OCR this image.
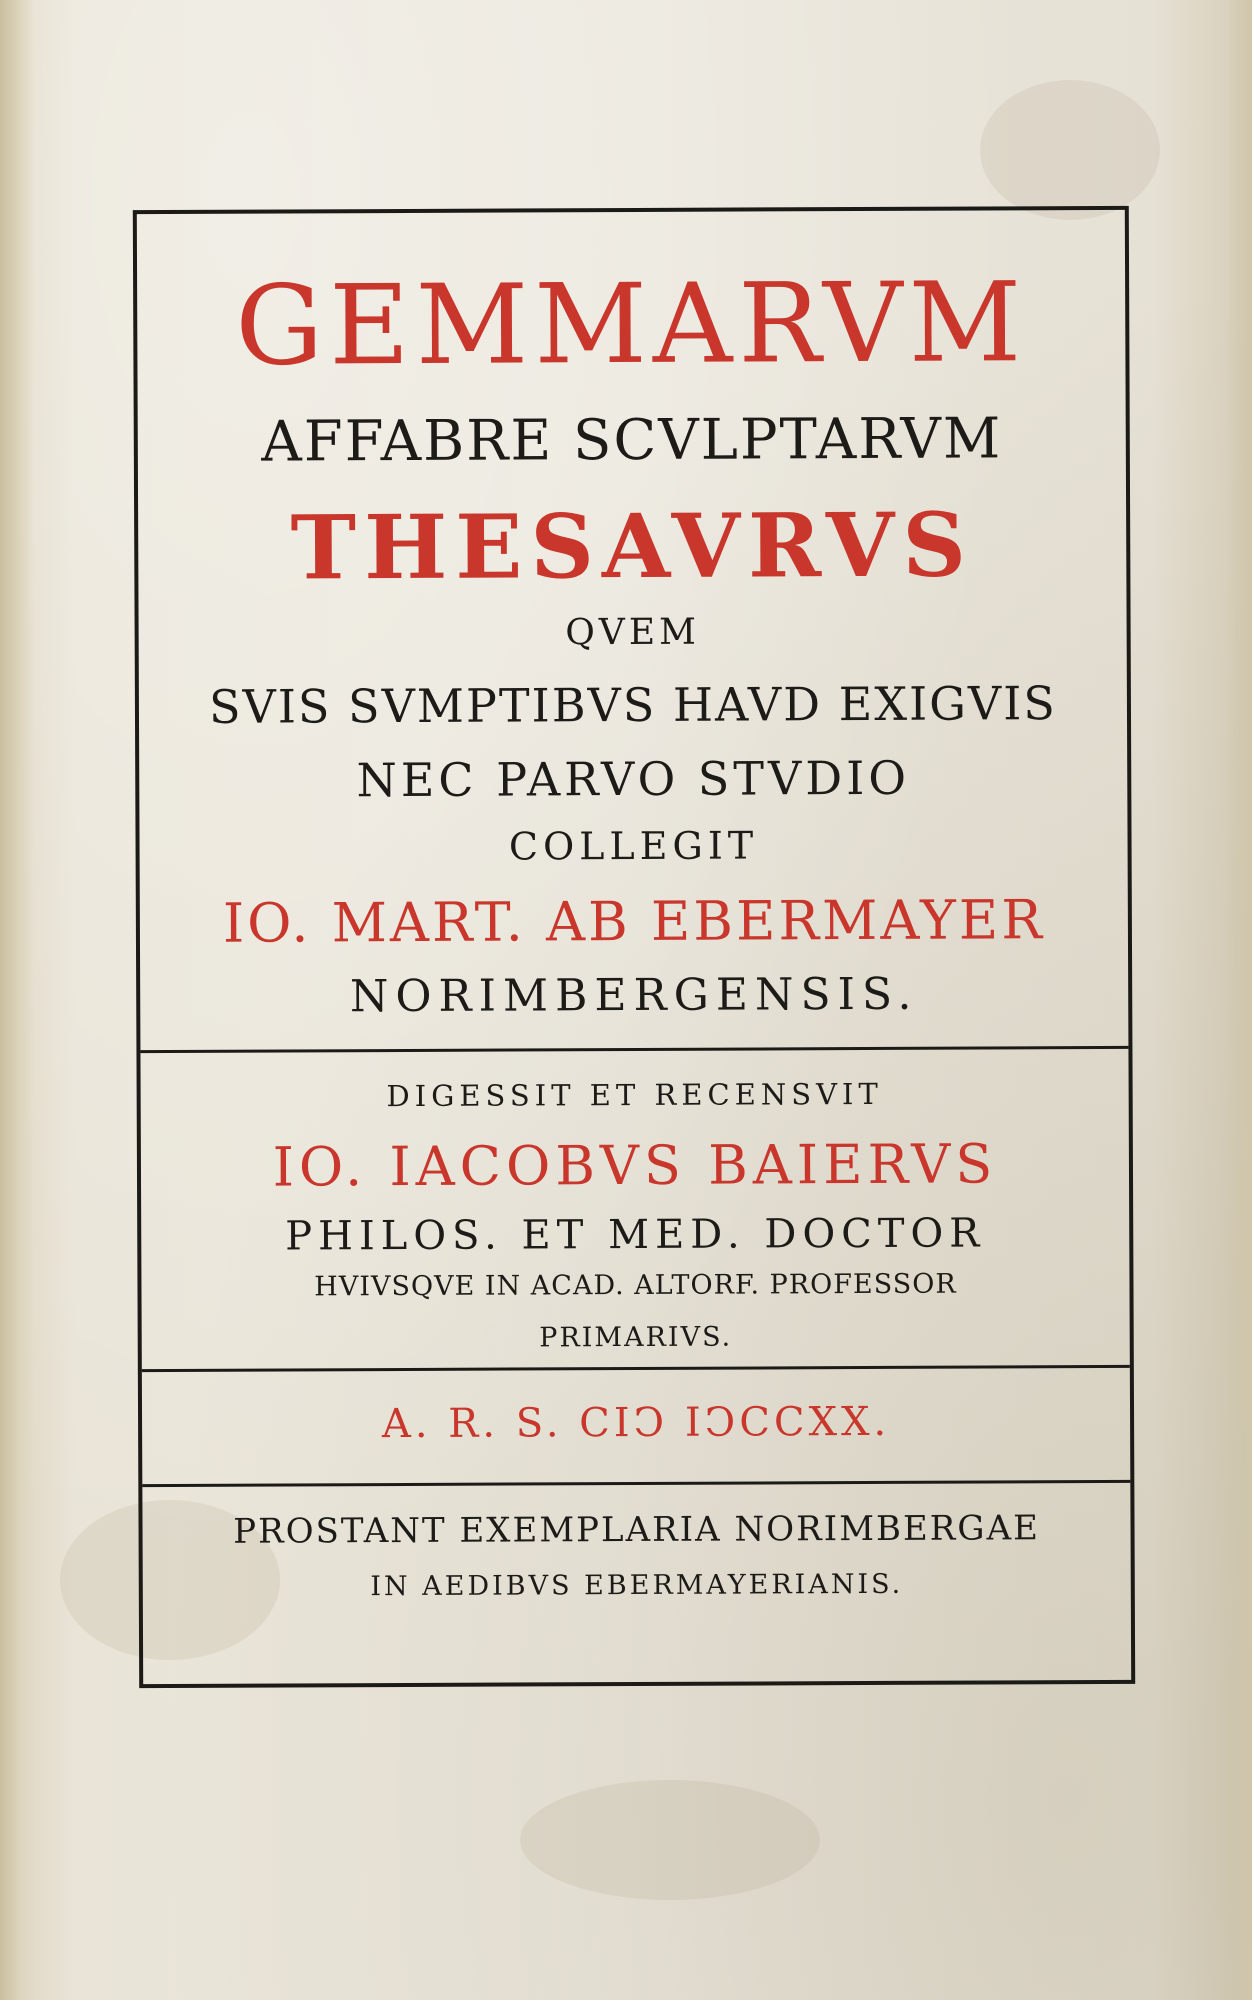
GEMMARVM
AFFABRE SCVLPTARVM
THESAVRVS
QVEM
SVIS SVMPTIBVS HAVD EXIGVIS
NEC PARVO STVDIO
COLLEGIT
IO. MART. AB EBERMAYER
NORIMBERGENSIS.
DIGESSIT ET RECENSVIT
IO. IACOBVS BAIERVS
PHILOS. ET MED. DOCTOR
HVIVSQVE IN ACAD. ALTORF. PROFESSOR
PRIMARIVS.
A. R. S. CIↃ IↃCCXX.
PROSTANT EXEMPLARIA NORIMBERGAE
IN AEDIBVS EBERMAYERIANIS.
